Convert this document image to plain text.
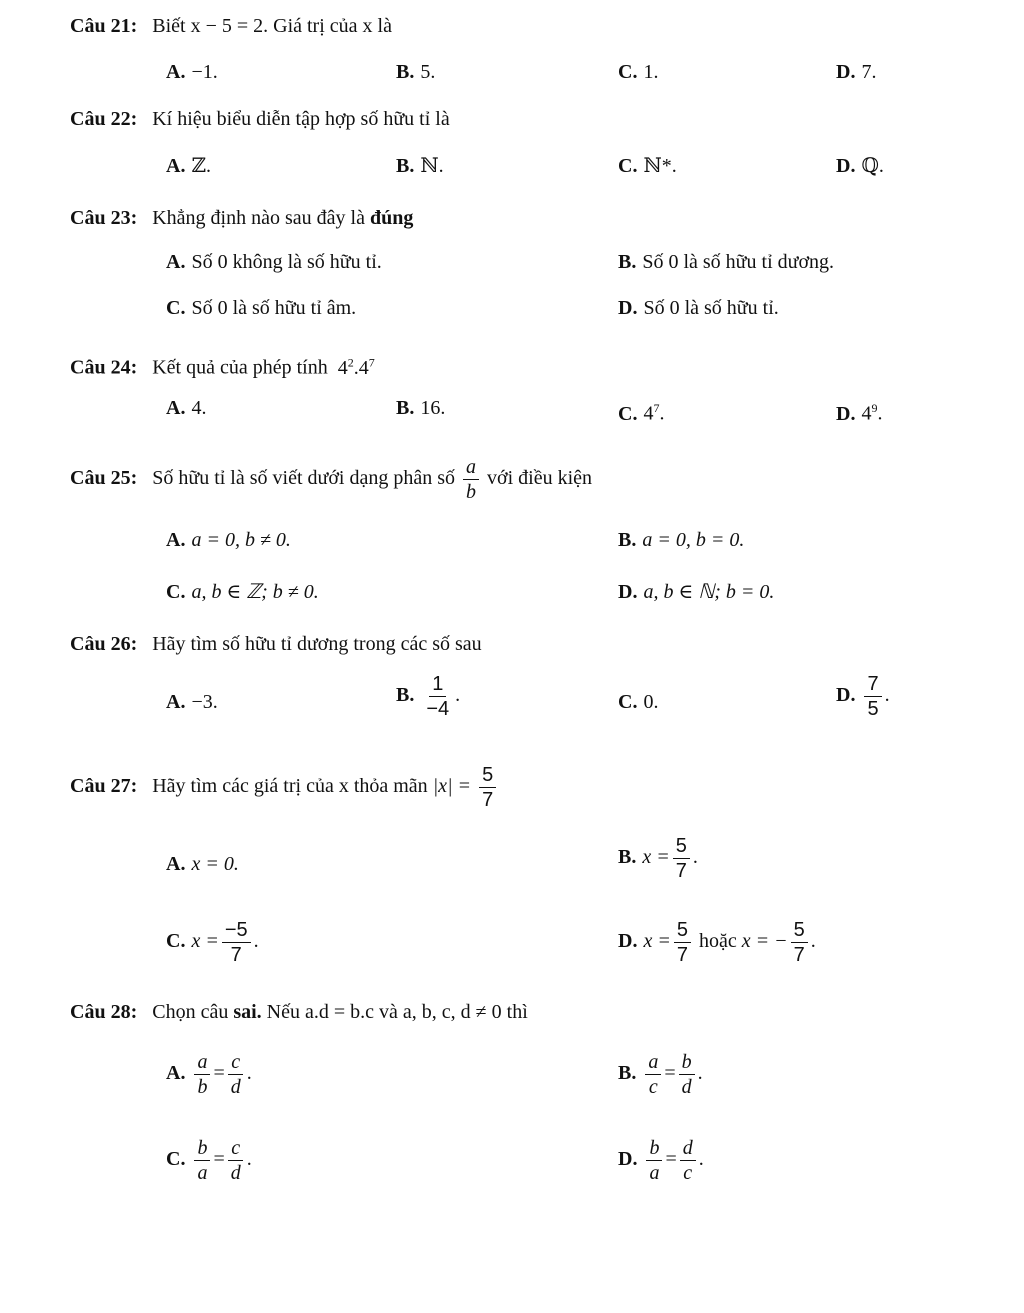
Câu 21: Biết x − 5 = 2. Giá trị của x là
A. −1.	B. 5.	C. 1.	D. 7.
Câu 22: Kí hiệu biểu diễn tập hợp số hữu tỉ là
A. ℤ.	B. ℕ.	C. ℕ*.	D. ℚ.
Câu 23: Khẳng định nào sau đây là đúng
A. Số 0 không là số hữu tỉ.	B. Số 0 là số hữu tỉ dương.
C. Số 0 là số hữu tỉ âm.	D. Số 0 là số hữu tỉ.
Câu 24: Kết quả của phép tính $4^2.4^7$
A. 4.	B. 16.	C. $4^7$.	D. $4^9$.
Câu 25: Số hữu tỉ là số viết dưới dạng phân số $\frac{a}{b}$ với điều kiện
A. a = 0, b ≠ 0.	B. a = 0, b = 0.
C. a, b ∈ ℤ; b ≠ 0.	D. a, b ∈ ℕ; b = 0.
Câu 26: Hãy tìm số hữu tỉ dương trong các số sau
A. −3.	B. $\frac{1}{-4}$ .	C. 0.	D. $\frac{7}{5}$ .
Câu 27: Hãy tìm các giá trị của x thỏa mãn $|x| = \frac{5}{7}$
A. x = 0.	B. $x = \frac{5}{7}$ .
C. $x = \frac{-5}{7}$ .	D. $x = \frac{5}{7}$ hoặc x = − $\frac{5}{7}$ .
Câu 28: Chọn câu sai. Nếu a.d = b.c và a, b, c, d ≠ 0 thì
A. $\frac{a}{b} = \frac{c}{d}$ .	B. $\frac{a}{c} = \frac{b}{d}$ .
C. $\frac{b}{a} = \frac{c}{d}$ .	D. $\frac{b}{a} = \frac{d}{c}$ .
